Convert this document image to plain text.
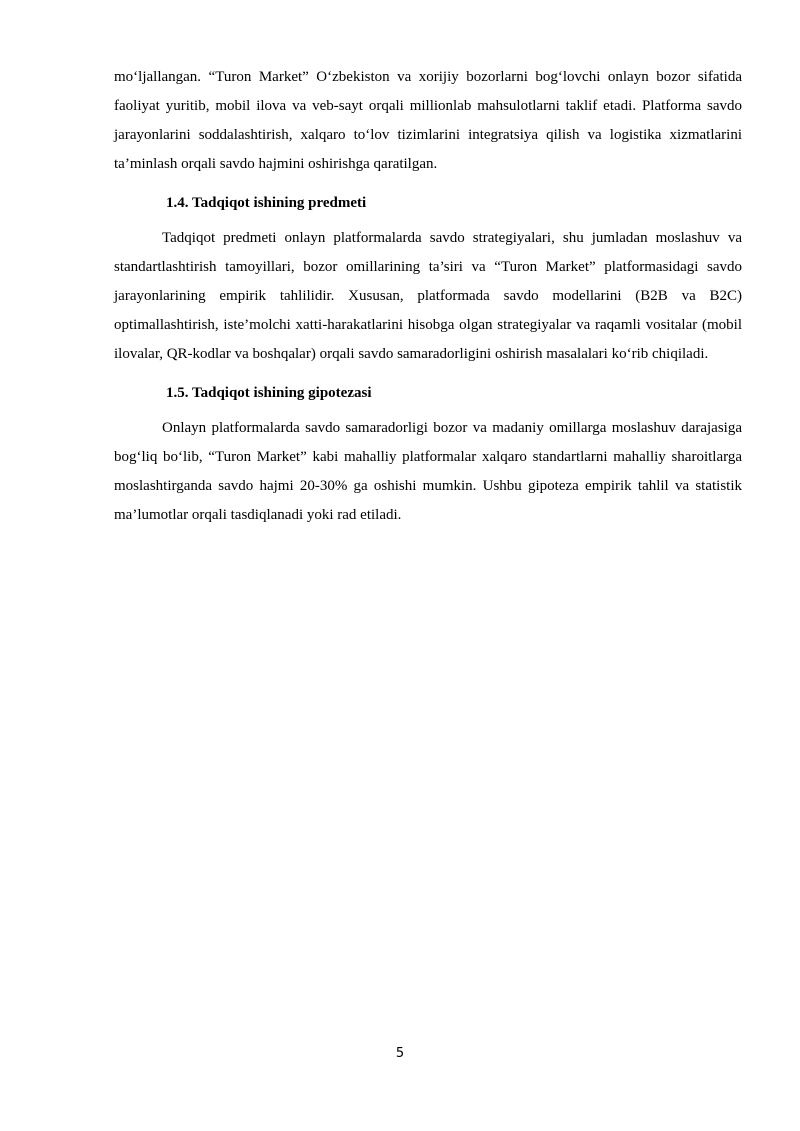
mo‘ljallangan. “Turon Market” O‘zbekiston va xorijiy bozorlarni bog‘lovchi onlayn bozor sifatida faoliyat yuritib, mobil ilova va veb-sayt orqali millionlab mahsulotlarni taklif etadi. Platforma savdo jarayonlarini soddalashtirish, xalqaro to‘lov tizimlarini integratsiya qilish va logistika xizmatlarini ta’minlash orqali savdo hajmini oshirishga qaratilgan.

1.4. Tadqiqot ishining predmeti

Tadqiqot predmeti onlayn platformalarda savdo strategiyalari, shu jumladan moslashuv va standartlashtirish tamoyillari, bozor omillarining ta’siri va “Turon Market” platformasidagi savdo jarayonlarining empirik tahlilidir. Xususan, platformada savdo modellarini (B2B va B2C) optimallashtirish, iste’molchi xatti-harakatlarini hisobga olgan strategiyalar va raqamli vositalar (mobil ilovalar, QR-kodlar va boshqalar) orqali savdo samaradorligini oshirish masalalari ko‘rib chiqiladi.

1.5. Tadqiqot ishining gipotezasi

Onlayn platformalarda savdo samaradorligi bozor va madaniy omillarga moslashuv darajasiga bog‘liq bo‘lib, “Turon Market” kabi mahalliy platformalar xalqaro standartlarni mahalliy sharoitlarga moslashtirganda savdo hajmi 20-30% ga oshishi mumkin. Ushbu gipoteza empirik tahlil va statistik ma’lumotlar orqali tasdiqlanadi yoki rad etiladi.

5
